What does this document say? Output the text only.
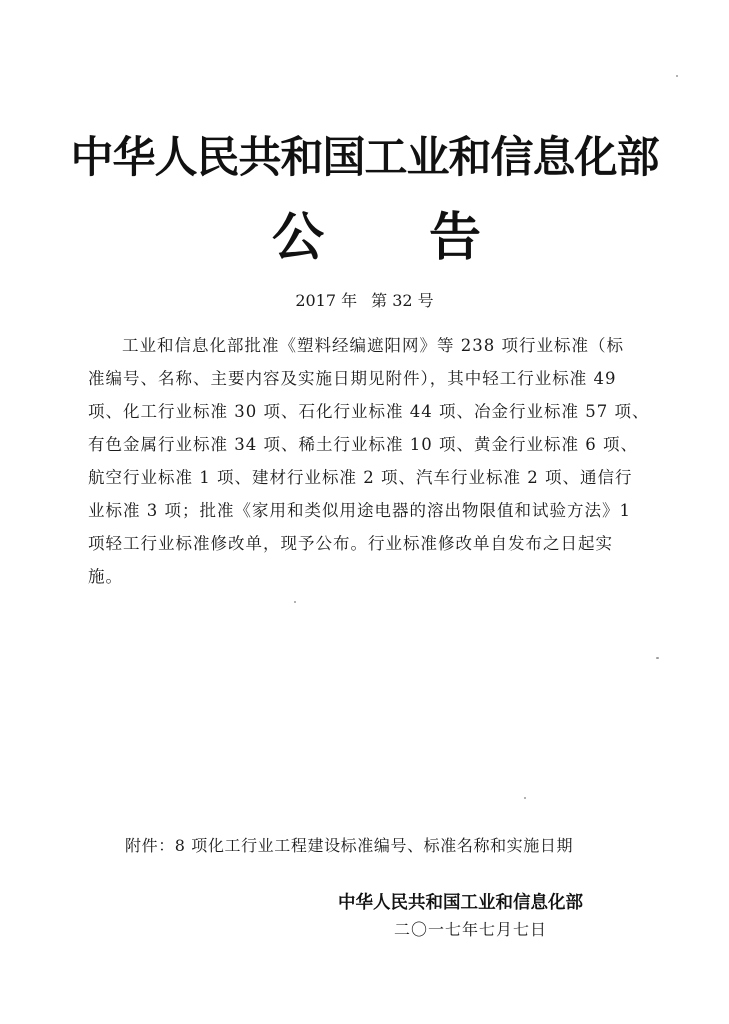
中华人民共和国工业和信息化部
公 告
2017 年 第 32 号
工业和信息化部批准《塑料经编遮阳网》等 238 项行业标准（标
准编号、名称、主要内容及实施日期见附件），其中轻工行业标准 49
项、化工行业标准 30 项、石化行业标准 44 项、冶金行业标准 57 项、
有色金属行业标准 34 项、稀土行业标准 10 项、黄金行业标准 6 项、
航空行业标准 1 项、建材行业标准 2 项、汽车行业标准 2 项、通信行
业标准 3 项；批准《家用和类似用途电器的溶出物限值和试验方法》1
项轻工行业标准修改单，现予公布。行业标准修改单自发布之日起实
施。
附件：8 项化工行业工程建设标准编号、标准名称和实施日期
中华人民共和国工业和信息化部
二〇一七年七月七日
